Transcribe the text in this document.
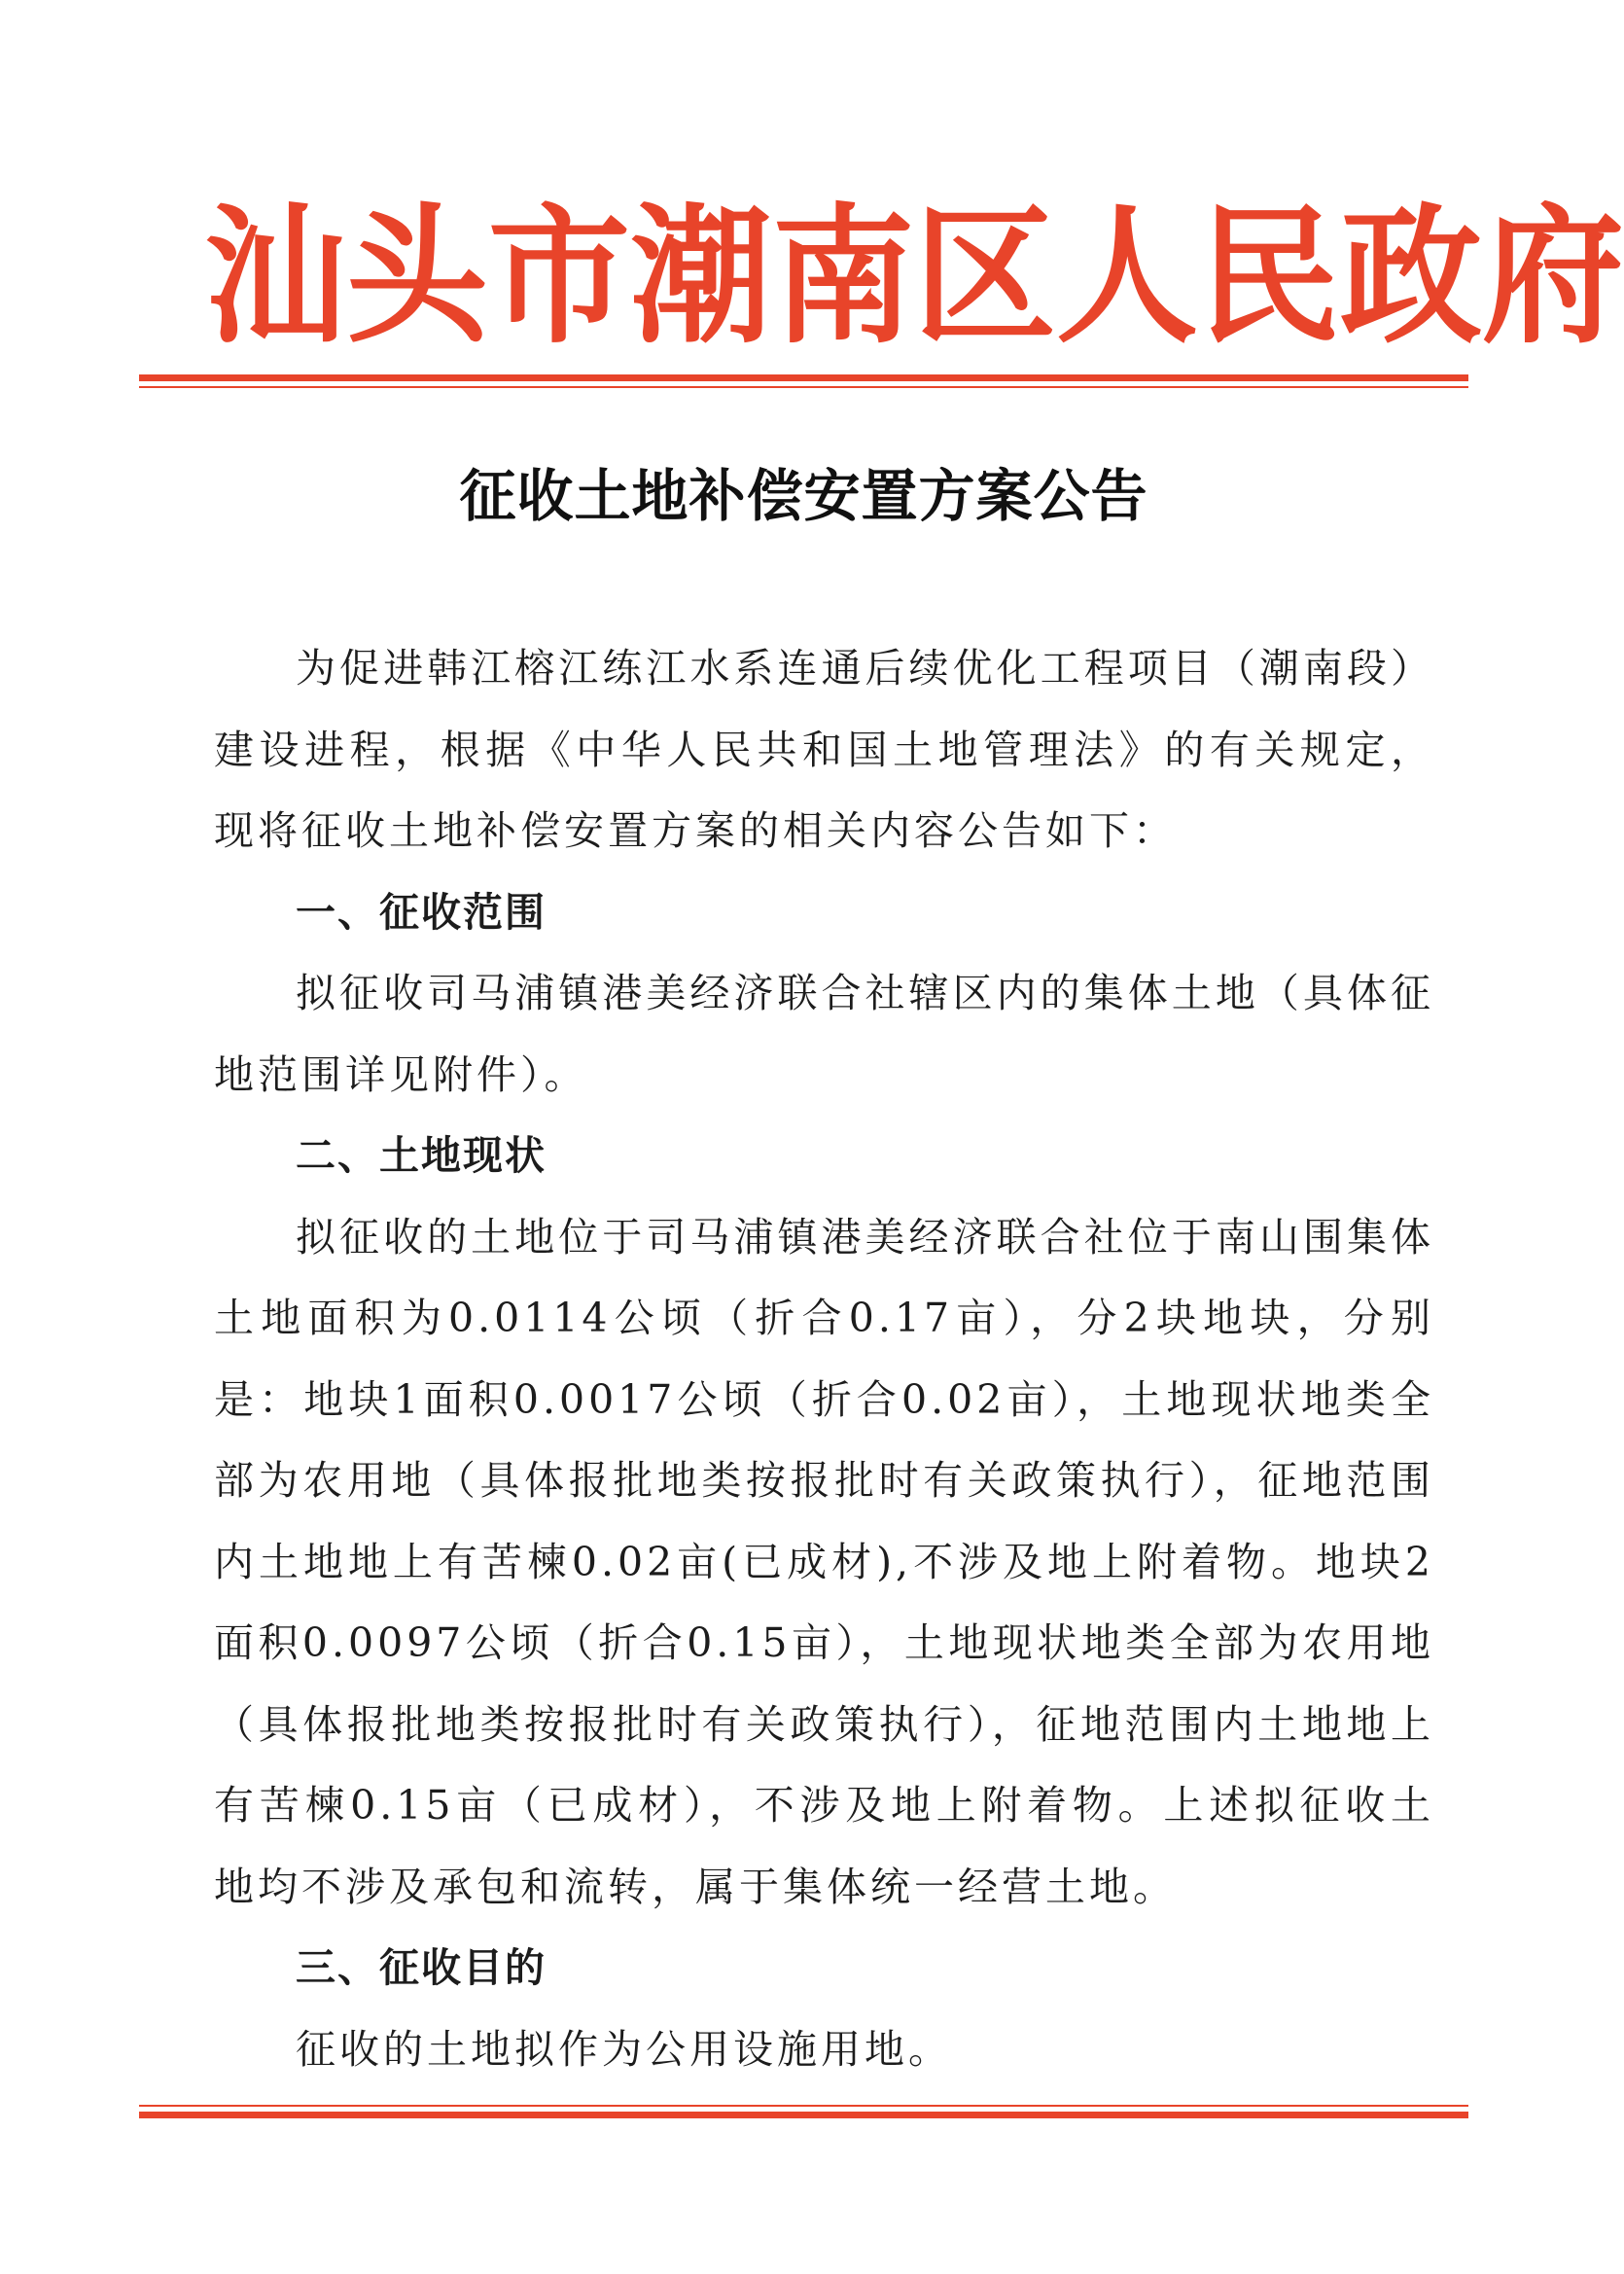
汕 头 市 潮 南 区 人 民 政 府
征收土地补偿安置方案公告

为促进韩江榕江练江水系连通后续优化工程项目（潮南段）建设进程，根据《中华人民共和国土地管理法》的有关规定，现将征收土地补偿安置方案的相关内容公告如下：

一、征收范围

拟征收司马浦镇港美经济联合社辖区内的集体土地（具体征地范围详见附件）。

二、土地现状

拟征收的土地位于司马浦镇港美经济联合社位于南山围集体土地面积为0.0114公顷（折合0.17亩），分2块地块，分别是：地块1面积0.0017公顷（折合0.02亩），土地现状地类全部为农用地（具体报批地类按报批时有关政策执行），征地范围内土地地上有苦楝0.02亩(已成材),不涉及地上附着物。地块2面积0.0097公顷（折合0.15亩），土地现状地类全部为农用地（具体报批地类按报批时有关政策执行），征地范围内土地地上有苦楝0.15亩（已成材），不涉及地上附着物。上述拟征收土地均不涉及承包和流转，属于集体统一经营土地。

三、征收目的

征收的土地拟作为公用设施用地。
